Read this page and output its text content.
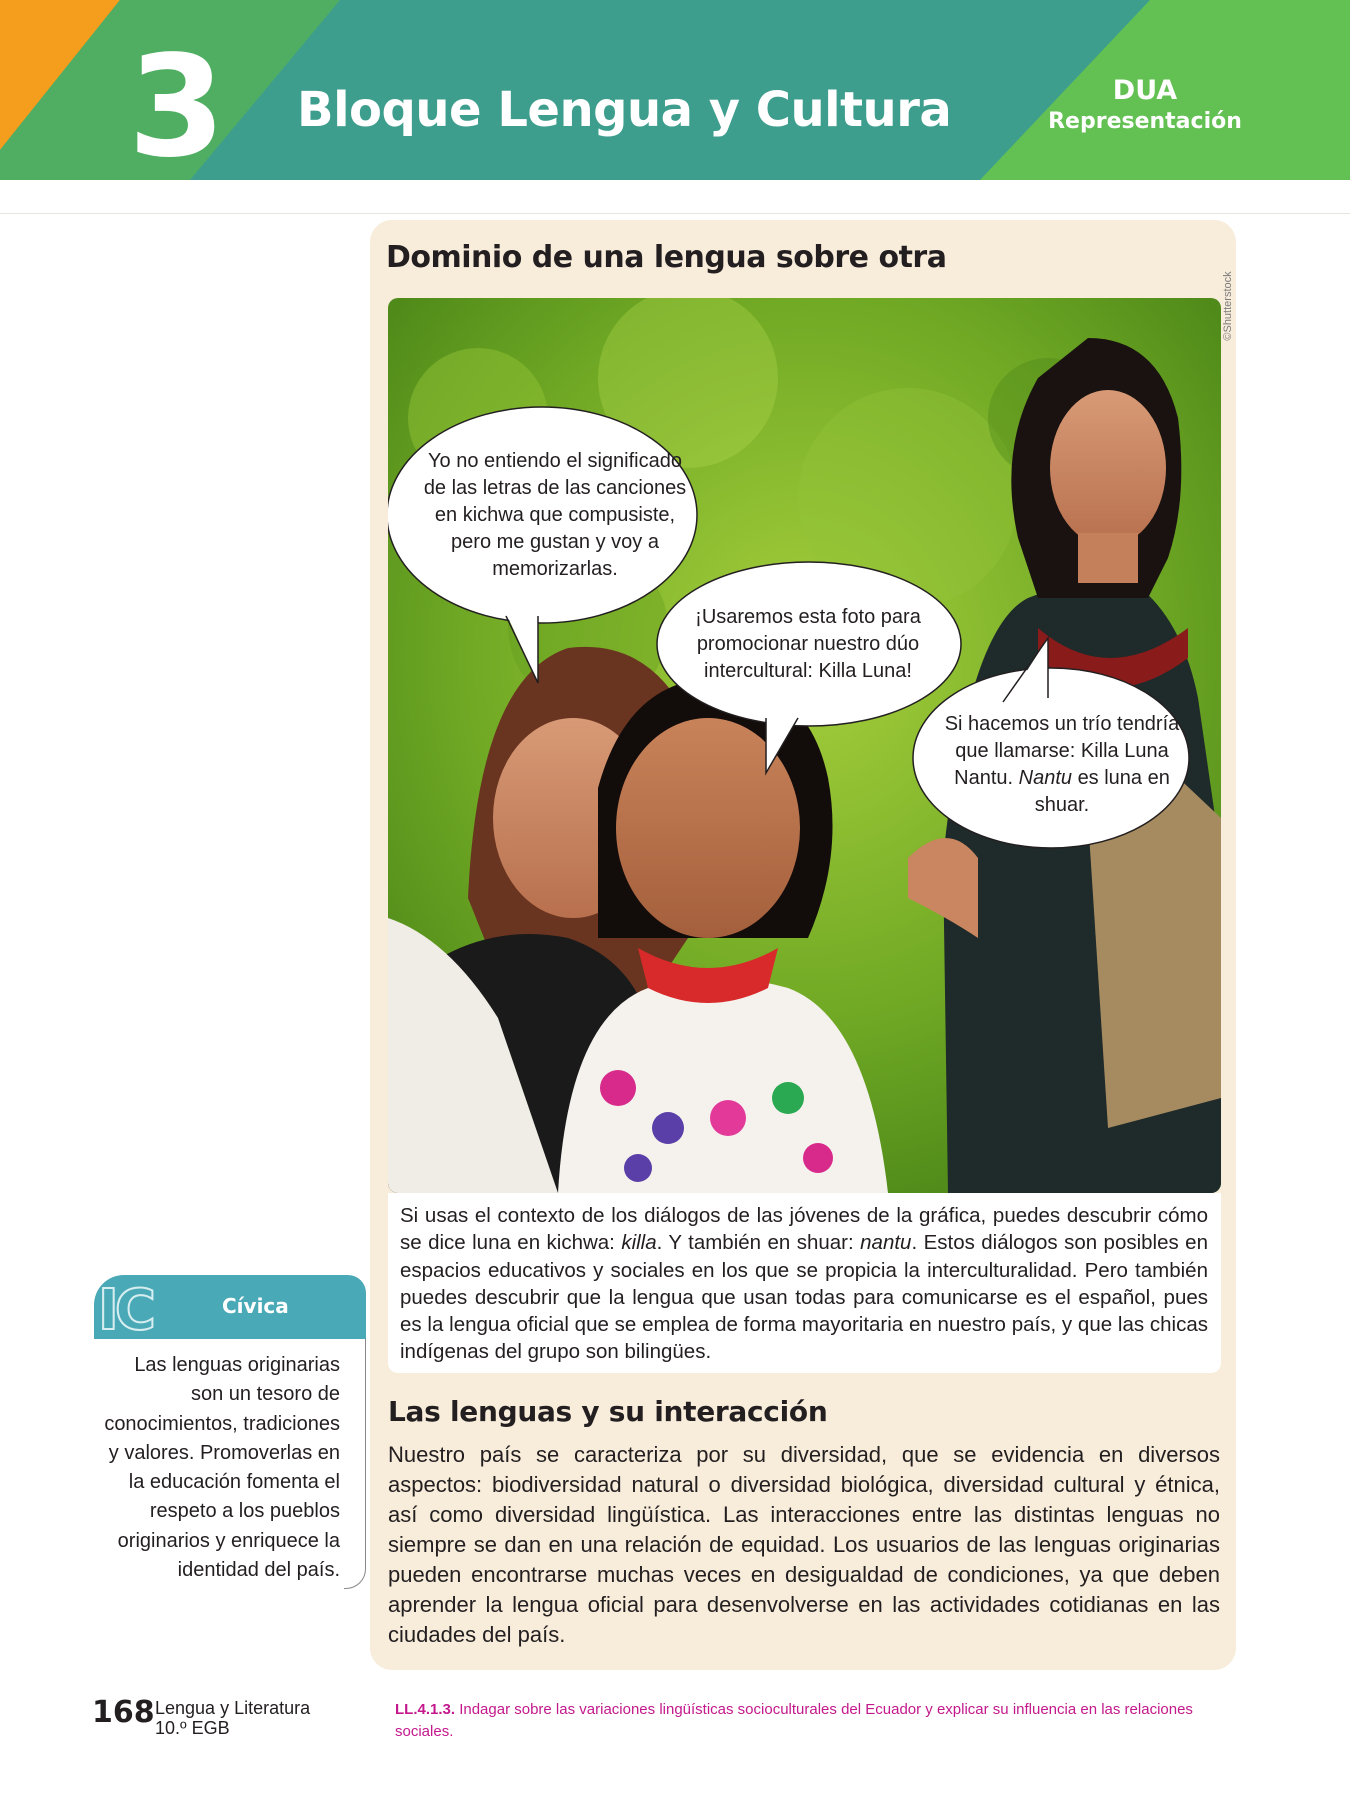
3 Bloque Lengua y Cultura	DUA
Representación
Dominio de una lengua sobre otra
©Shutterstock
Yo no entiendo el significado de las letras de las canciones en kichwa que compusiste, pero me gustan y voy a memorizarlas.
¡Usaremos esta foto para promocionar nuestro dúo intercultural: Killa Luna!
Si hacemos un trío tendría que llamarse: Killa Luna Nantu. Nantu es luna en shuar.
Si usas el contexto de los diálogos de las jóvenes de la gráfica, puedes descubrir cómo se dice luna en kichwa: killa. Y también en shuar: nantu. Estos diálogos son posibles en espacios educativos y sociales en los que se propicia la interculturalidad. Pero también puedes descubrir que la lengua que usan todas para comunicarse es el español, pues es la lengua oficial que se emplea de forma mayoritaria en nuestro país, y que las chicas indígenas del grupo son bilingües.
Las lenguas y su interacción
Nuestro país se caracteriza por su diversidad, que se evidencia en diversos aspectos: biodiversidad natural o diversidad biológica, diversidad cultural y étnica, así como diversidad lingüística. Las interacciones entre las distintas lenguas no siempre se dan en una relación de equidad. Los usuarios de las lenguas originarias pueden encontrarse muchas veces en desigualdad de condiciones, ya que deben aprender la lengua oficial para desenvolverse en las actividades cotidianas en las ciudades del país.
IC	Cívica
Las lenguas originarias son un tesoro de conocimientos, tradiciones y valores. Promoverlas en la educación fomenta el respeto a los pueblos originarios y enriquece la identidad del país.
168 Lengua y Literatura
10.º EGB
LL.4.1.3. Indagar sobre las variaciones lingüísticas socioculturales del Ecuador y explicar su influencia en las relaciones sociales.
